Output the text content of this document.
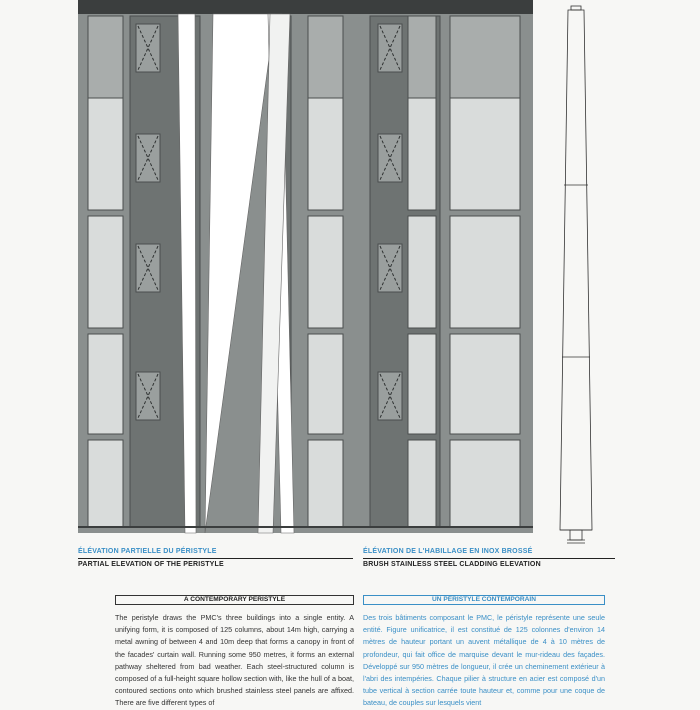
ÉLÉVATION PARTIELLE DU PÉRISTYLE
PARTIAL ELEVATION OF THE PERISTYLE
ÉLÉVATION DE L'HABILLAGE EN INOX BROSSÉ
BRUSH STAINLESS STEEL CLADDING ELEVATION
A CONTEMPORARY PERISTYLE
The peristyle draws the PMC's three buildings into a single entity. A unifying form, it is composed of 125 columns, about 14m high, carrying a metal awning of between 4 and 10m deep that forms a canopy in front of the facades' curtain wall. Running some 950 metres, it forms an external pathway sheltered from bad weather. Each steel-structured column is composed of a full-height square hollow section with, like the hull of a boat, contoured sections onto which brushed stainless steel panels are affixed. There are five different types of
UN PÉRISTYLE CONTEMPORAIN
Des trois bâtiments composant le PMC, le péristyle représente une seule entité. Figure unificatrice, il est constitué de 125 colonnes d'environ 14 mètres de hauteur portant un auvent métallique de 4 à 10 mètres de profondeur, qui fait office de marquise devant le mur-rideau des façades. Développé sur 950 mètres de longueur, il crée un cheminement extérieur à l'abri des intempéries. Chaque pilier à structure en acier est composé d'un tube vertical à section carrée toute hauteur et, comme pour une coque de bateau, de couples sur lesquels vient
